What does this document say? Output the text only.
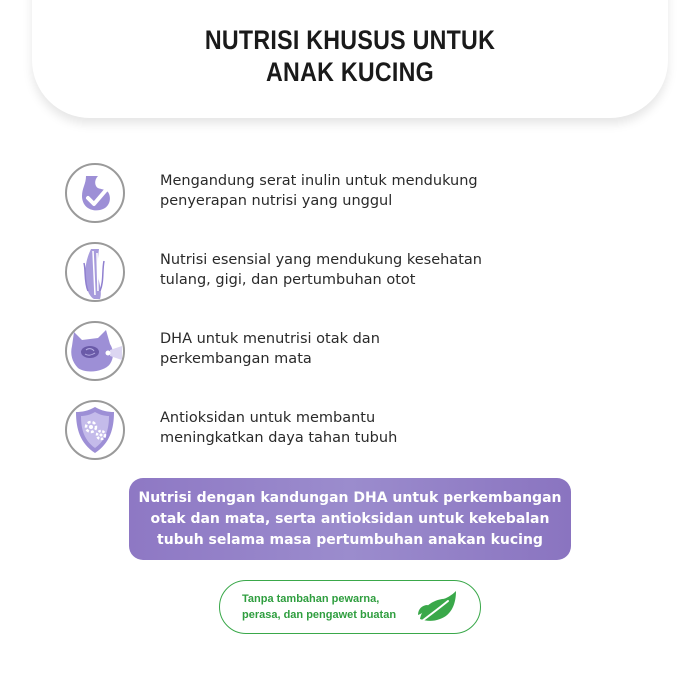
NUTRISI KHUSUS UNTUK
ANAK KUCING
Mengandung serat inulin untuk mendukung
penyerapan nutrisi yang unggul
Nutrisi esensial yang mendukung kesehatan
tulang, gigi, dan pertumbuhan otot
DHA untuk menutrisi otak dan
perkembangan mata
Antioksidan untuk membantu
meningkatkan daya tahan tubuh
Nutrisi dengan kandungan DHA untuk perkembangan
otak dan mata, serta antioksidan untuk kekebalan
tubuh selama masa pertumbuhan anakan kucing
Tanpa tambahan pewarna,
perasa, dan pengawet buatan
